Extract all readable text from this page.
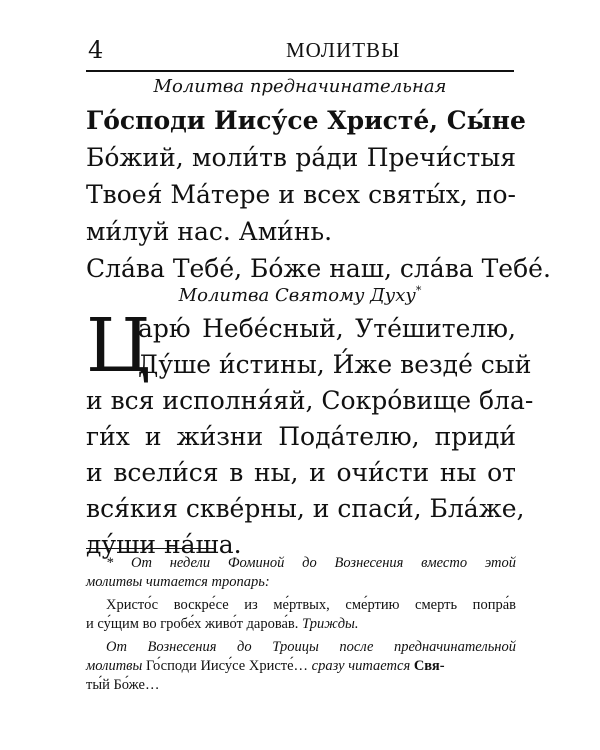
4	МОЛИТВЫ
Молитва предначинательная
Го́споди Иису́се Христе́, Сы́не
Бо́жий, моли́тв ра́ди Пречи́стыя
Твоея́ Ма́тере и всех святы́х, по-
ми́луй нас. Ами́нь.
Сла́ва Тебе́, Бо́же наш, сла́ва Тебе́.
Молитва Святому Духу*
Ц
арю́ Небе́сный, Уте́шителю,
Ду́ше и́стины, И́же везде́ сый
и вся исполня́яй, Сокро́вище бла-
ги́х и жи́зни Пода́телю, приди́
и всели́ся в ны, и очи́сти ны от
вся́кия скве́рны, и спаси́, Бла́же,
ду́ши на́ша.
* От недели Фоминой до Вознесения вместо этой
молитвы читается тропарь:
Христо́с воскре́се из ме́ртвых, сме́ртию смерть попра́в
и су́щим во гробе́х живо́т дарова́в. Трижды.
От Вознесения до Троицы после предначинательной
молитвы Го́споди Иису́се Христе́… сразу читается Свя-
ты́й Бо́же…
